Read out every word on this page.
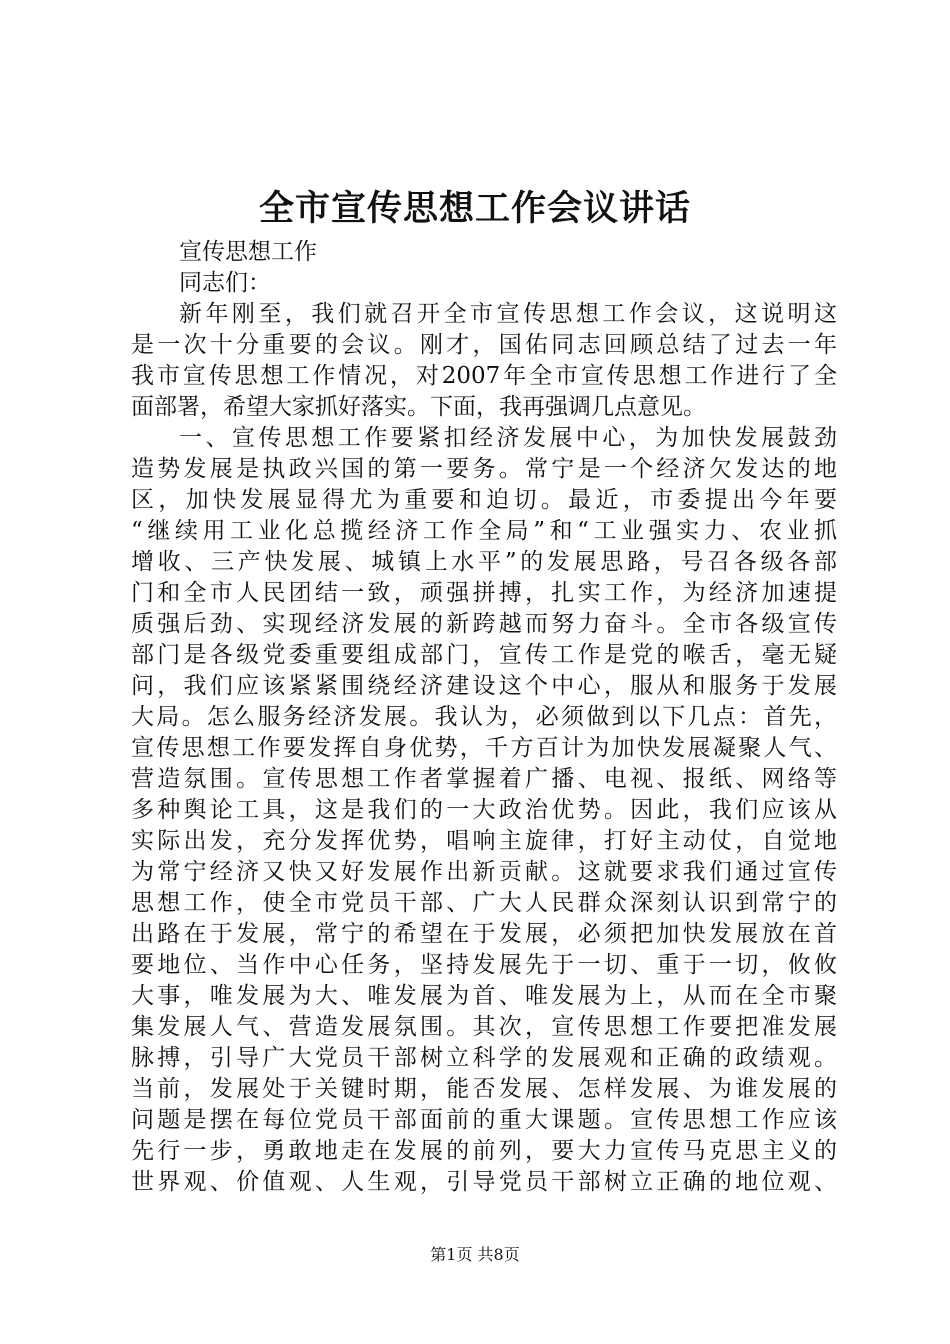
全市宣传思想工作会议讲话
宣传思想工作
同志们：
新年刚至，我们就召开全市宣传思想工作会议，这说明这
是一次十分重要的会议。刚才，国佑同志回顾总结了过去一年
我市宣传思想工作情况，对2007年全市宣传思想工作进行了全
面部署，希望大家抓好落实。下面，我再强调几点意见。
一、宣传思想工作要紧扣经济发展中心，为加快发展鼓劲
造势发展是执政兴国的第一要务。常宁是一个经济欠发达的地
区，加快发展显得尤为重要和迫切。最近，市委提出今年要
“继续用工业化总揽经济工作全局”和“工业强实力、农业抓
增收、三产快发展、城镇上水平”的发展思路，号召各级各部
门和全市人民团结一致，顽强拼搏，扎实工作，为经济加速提
质强后劲、实现经济发展的新跨越而努力奋斗。全市各级宣传
部门是各级党委重要组成部门，宣传工作是党的喉舌，毫无疑
问，我们应该紧紧围绕经济建设这个中心，服从和服务于发展
大局。怎么服务经济发展。我认为，必须做到以下几点：首先，
宣传思想工作要发挥自身优势，千方百计为加快发展凝聚人气、
营造氛围。宣传思想工作者掌握着广播、电视、报纸、网络等
多种舆论工具，这是我们的一大政治优势。因此，我们应该从
实际出发，充分发挥优势，唱响主旋律，打好主动仗，自觉地
为常宁经济又快又好发展作出新贡献。这就要求我们通过宣传
思想工作，使全市党员干部、广大人民群众深刻认识到常宁的
出路在于发展，常宁的希望在于发展，必须把加快发展放在首
要地位、当作中心任务，坚持发展先于一切、重于一切，攸攸
大事，唯发展为大、唯发展为首、唯发展为上，从而在全市聚
集发展人气、营造发展氛围。其次，宣传思想工作要把准发展
脉搏，引导广大党员干部树立科学的发展观和正确的政绩观。
当前，发展处于关键时期，能否发展、怎样发展、为谁发展的
问题是摆在每位党员干部面前的重大课题。宣传思想工作应该
先行一步，勇敢地走在发展的前列，要大力宣传马克思主义的
世界观、价值观、人生观，引导党员干部树立正确的地位观、
第1页 共8页
